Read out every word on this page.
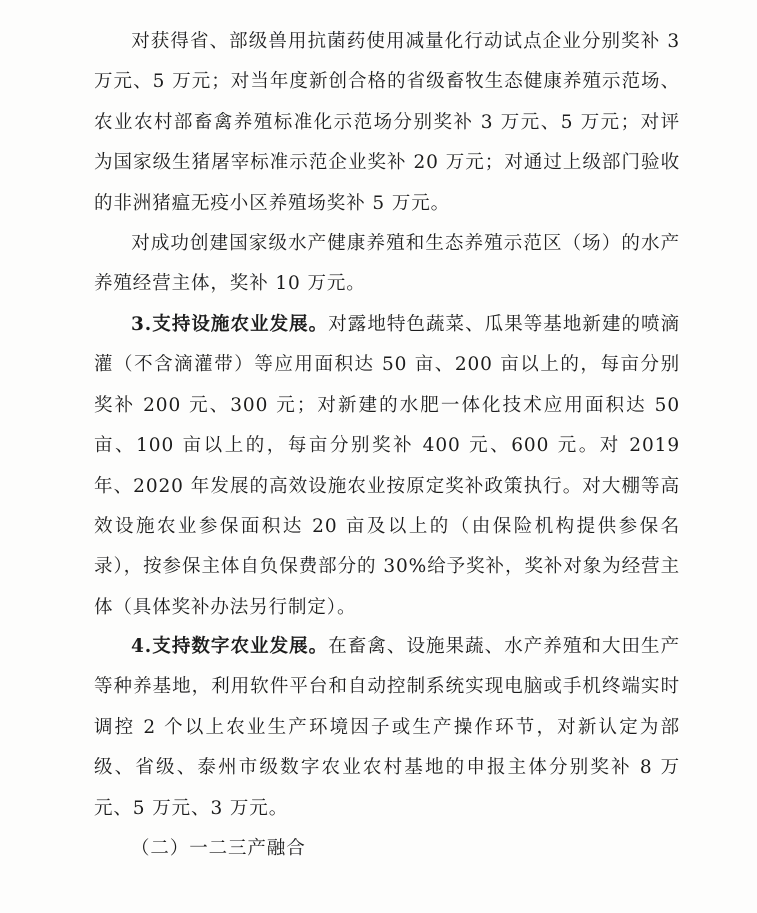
对获得省、部级兽用抗菌药使用减量化行动试点企业分别奖补 3 万元、5 万元；对当年度新创合格的省级畜牧生态健康养殖示范场、农业农村部畜禽养殖标准化示范场分别奖补 3 万元、5 万元；对评为国家级生猪屠宰标准示范企业奖补 20 万元；对通过上级部门验收的非洲猪瘟无疫小区养殖场奖补 5 万元。

对成功创建国家级水产健康养殖和生态养殖示范区（场）的水产养殖经营主体，奖补 10 万元。

3.支持设施农业发展。对露地特色蔬菜、瓜果等基地新建的喷滴灌（不含滴灌带）等应用面积达 50 亩、200 亩以上的，每亩分别奖补 200 元、300 元；对新建的水肥一体化技术应用面积达 50 亩、100 亩以上的，每亩分别奖补 400 元、600 元。对 2019 年、2020 年发展的高效设施农业按原定奖补政策执行。对大棚等高效设施农业参保面积达 20 亩及以上的（由保险机构提供参保名录），按参保主体自负保费部分的 30%给予奖补，奖补对象为经营主体（具体奖补办法另行制定）。

4.支持数字农业发展。在畜禽、设施果蔬、水产养殖和大田生产等种养基地，利用软件平台和自动控制系统实现电脑或手机终端实时调控 2 个以上农业生产环境因子或生产操作环节，对新认定为部级、省级、泰州市级数字农业农村基地的申报主体分别奖补 8 万元、5 万元、3 万元。

（二）一二三产融合
